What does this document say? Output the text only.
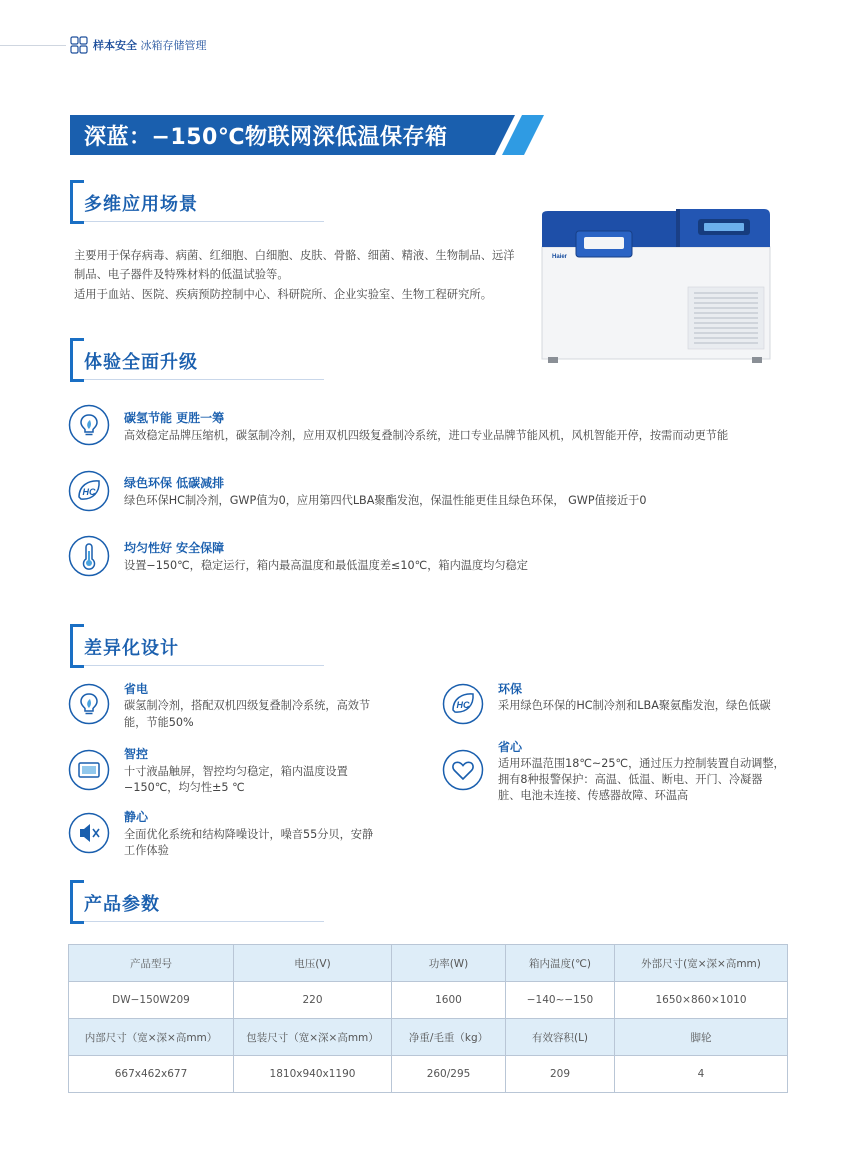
样本安全 冰箱存储管理
深蓝：−150℃物联网深低温保存箱
多维应用场景
主要用于保存病毒、病菌、红细胞、白细胞、皮肤、骨骼、细菌、精液、生物制品、远洋
制品、电子器件及特殊材料的低温试验等。
适用于血站、医院、疾病预防控制中心、科研院所、企业实验室、生物工程研究所。
Haier
体验全面升级
碳氢节能 更胜一筹
高效稳定品牌压缩机，碳氢制冷剂，应用双机四级复叠制冷系统，进口专业品牌节能风机，风机智能开停，按需而动更节能
HC
绿色环保 低碳减排
绿色环保HC制冷剂，GWP值为0，应用第四代LBA聚酯发泡，保温性能更佳且绿色环保， GWP值接近于0
均匀性好 安全保障
设置−150℃，稳定运行，箱内最高温度和最低温度差≤10℃，箱内温度均匀稳定
差异化设计
省电
碳氢制冷剂，搭配双机四级复叠制冷系统，高效节
能，节能50%
智控
十寸液晶触屏，智控均匀稳定，箱内温度设置
−150℃，均匀性±5 ℃
静心
全面优化系统和结构降噪设计，噪音55分贝，安静
工作体验
HC
环保
采用绿色环保的HC制冷剂和LBA聚氨酯发泡，绿色低碳
省心
适用环温范围18℃~25℃，通过压力控制装置自动调整，
拥有8种报警保护：高温、低温、断电、开门、冷凝器
脏、电池未连接、传感器故障、环温高
产品参数
产品型号	电压(V)	功率(W)	箱内温度(℃)	外部尺寸(宽×深×高mm)
DW−150W209	220	1600	−140~−150	1650×860×1010
内部尺寸（宽×深×高mm）	包装尺寸（宽×深×高mm）	净重/毛重（kg）	有效容积(L)	脚轮
667x462x677	1810x940x1190	260/295	209	4
